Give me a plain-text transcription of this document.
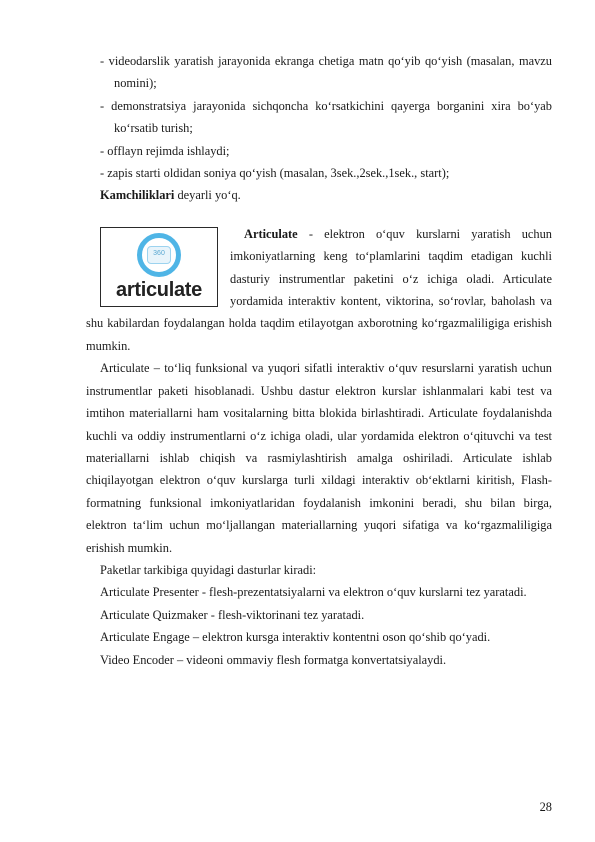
- videodarslik yaratish jarayonida ekranga chetiga matn qo‘yib qo‘yish (masalan, mavzu nomini);

- demonstratsiya jarayonida sichqoncha ko‘rsatkichini qayerga borganini xira bo‘yab ko‘rsatib turish;

- offlayn rejimda ishlaydi;

- zapis starti oldidan soniya qo‘yish (masalan, 3sek.,2sek.,1sek., start);

Kamchiliklari deyarli yo‘q.

360
articulate

Articulate - elektron o‘quv kurslarni yaratish uchun imkoniyatlarning keng to‘plamlarini taqdim etadigan kuchli dasturiy instrumentlar paketini o‘z ichiga oladi. Articulate yordamida interaktiv kontent, viktorina, so‘rovlar, baholash va shu kabilardan foydalangan holda taqdim etilayotgan axborotning ko‘rgazmaliligiga erishish mumkin.

Articulate – to‘liq funksional va yuqori sifatli interaktiv o‘quv resurslarni yaratish uchun instrumentlar paketi hisoblanadi. Ushbu dastur elektron kurslar ishlanmalari kabi test va imtihon materiallarni ham vositalarning bitta blokida birlashtiradi. Articulate foydalanishda kuchli va oddiy instrumentlarni o‘z ichiga oladi, ular yordamida elektron o‘qituvchi va test materiallarni ishlab chiqish va rasmiylashtirish amalga oshiriladi. Articulate ishlab chiqilayotgan elektron o‘quv kurslarga turli xildagi interaktiv ob‘ektlarni kiritish, Flash-formatning funksional imkoniyatlaridan foydalanish imkonini beradi, shu bilan birga, elektron ta‘lim uchun mo‘ljallangan materiallarning yuqori sifatiga va ko‘rgazmaliligiga erishish mumkin.

Paketlar tarkibiga quyidagi dasturlar kiradi:

Articulate Presenter - flesh-prezentatsiyalarni va elektron o‘quv kurslarni tez yaratadi.

Articulate Quizmaker - flesh-viktorinani tez yaratadi.

Articulate Engage – elektron kursga interaktiv kontentni oson qo‘shib qo‘yadi.

Video Encoder – videoni ommaviy flesh formatga konvertatsiyalaydi.

28
